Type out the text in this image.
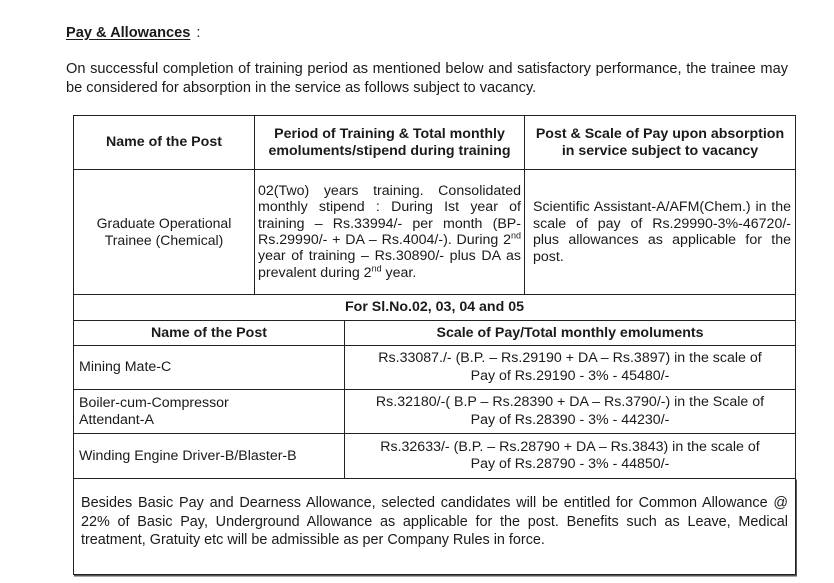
Pay & Allowances :
On successful completion of training period as mentioned below and satisfactory performance, the trainee may be considered for absorption in the service as follows subject to vacancy.
Name of the Post	Period of Training & Total monthly emoluments/stipend during training	Post & Scale of Pay upon absorption in service subject to vacancy
Graduate Operational Trainee (Chemical)	02(Two) years training. Consolidated monthly stipend : During Ist year of training – Rs.33994/- per month (BP-Rs.29990/- + DA – Rs.4004/-). During 2nd year of training – Rs.30890/- plus DA as prevalent during 2nd year.	Scientific Assistant-A/AFM(Chem.) in the scale of pay of Rs.29990-3%-46720/- plus allowances as applicable for the post.
For Sl.No.02, 03, 04 and 05	
Name of the Post	Scale of Pay/Total monthly emoluments
Mining Mate-C	Rs.33087./- (B.P. – Rs.29190 + DA – Rs.3897) in the scale of
Pay of Rs.29190 - 3% - 45480/-

Boiler-cum-Compressor Attendant-A	Rs.32180/-( B.P – Rs.28390 + DA – Rs.3790/-) in the Scale of
Pay of Rs.28390 - 3% - 44230/-

Winding Engine Driver-B/Blaster-B	Rs.32633/- (B.P. – Rs.28790 + DA – Rs.3843) in the scale of
Pay of Rs.28790 - 3% - 44850/-
Besides Basic Pay and Dearness Allowance, selected candidates will be entitled for Common Allowance @ 22% of Basic Pay, Underground Allowance as applicable for the post. Benefits such as Leave, Medical treatment, Gratuity etc will be admissible as per Company Rules in force.
